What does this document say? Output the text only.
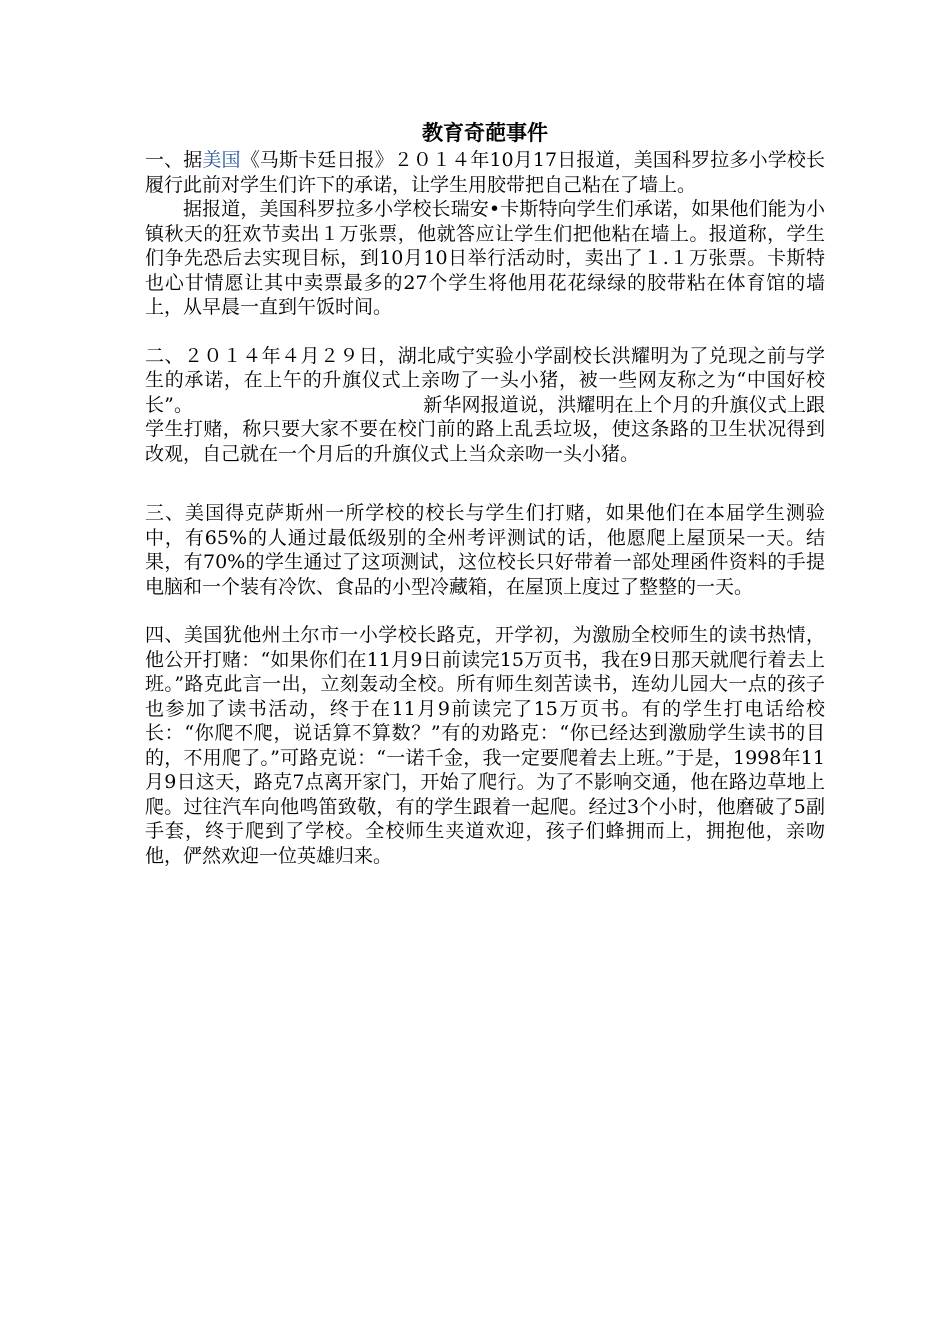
教育奇葩事件

一、据美国《马斯卡廷日报》２０１４年10月17日报道，美国科罗拉多小学校长履行此前对学生们许下的承诺，让学生用胶带把自己粘在了墙上。

据报道，美国科罗拉多小学校长瑞安•卡斯特向学生们承诺，如果他们能为小镇秋天的狂欢节卖出１万张票，他就答应让学生们把他粘在墙上。报道称，学生们争先恐后去实现目标，到10月10日举行活动时，卖出了１.１万张票。卡斯特也心甘情愿让其中卖票最多的27个学生将他用花花绿绿的胶带粘在体育馆的墙上，从早晨一直到午饭时间。

二、２０１４年４月２９日，湖北咸宁实验小学副校长洪耀明为了兑现之前与学生的承诺，在上午的升旗仪式上亲吻了一头小猪，被一些网友称之为“中国好校长”。	新华网报道说，洪耀明在上个月的升旗仪式上跟学生打赌，称只要大家不要在校门前的路上乱丢垃圾，使这条路的卫生状况得到改观，自己就在一个月后的升旗仪式上当众亲吻一头小猪。

三、美国得克萨斯州一所学校的校长与学生们打赌，如果他们在本届学生测验中，有65%的人通过最低级别的全州考评测试的话，他愿爬上屋顶呆一天。结果，有70%的学生通过了这项测试，这位校长只好带着一部处理函件资料的手提电脑和一个装有冷饮、食品的小型冷藏箱，在屋顶上度过了整整的一天。

四、美国犹他州土尔市一小学校长路克，开学初，为激励全校师生的读书热情，他公开打赌：“如果你们在11月9日前读完15万页书，我在9日那天就爬行着去上班。”路克此言一出，立刻轰动全校。所有师生刻苦读书，连幼儿园大一点的孩子也参加了读书活动，终于在11月9前读完了15万页书。有的学生打电话给校长：“你爬不爬，说话算不算数？”有的劝路克：“你已经达到激励学生读书的目的，不用爬了。”可路克说：“一诺千金，我一定要爬着去上班。”于是，1998年11月9日这天，路克7点离开家门，开始了爬行。为了不影响交通，他在路边草地上爬。过往汽车向他鸣笛致敬，有的学生跟着一起爬。经过3个小时，他磨破了5副手套，终于爬到了学校。全校师生夹道欢迎，孩子们蜂拥而上，拥抱他，亲吻他，俨然欢迎一位英雄归来。
